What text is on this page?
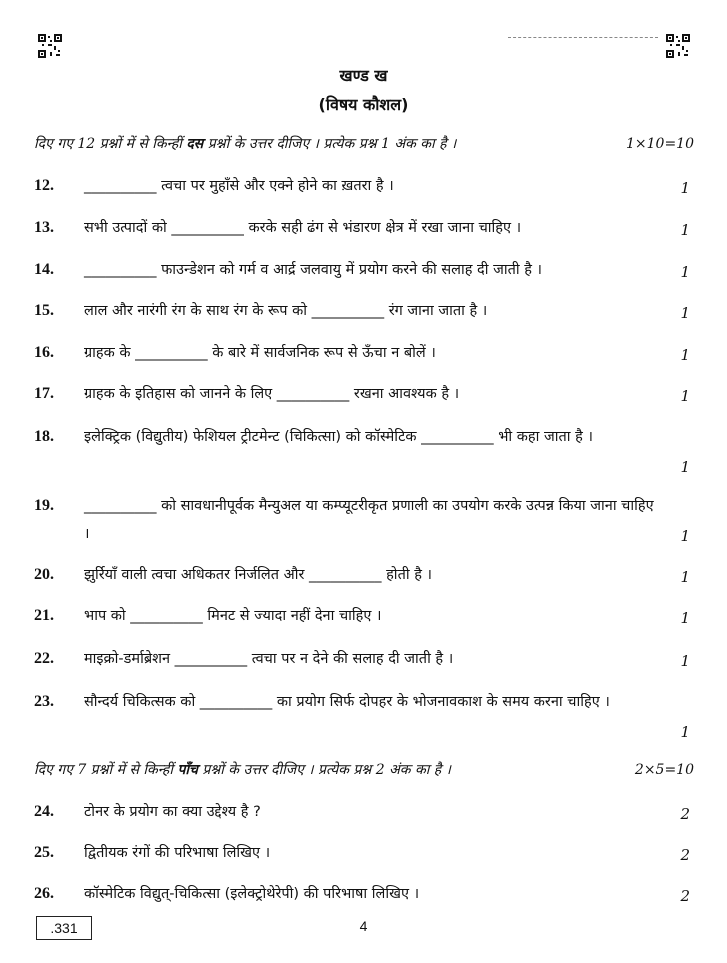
खण्ड ख
(विषय कौशल)
दिए गए 12 प्रश्नों में से किन्हीं दस प्रश्नों के उत्तर दीजिए । प्रत्येक प्रश्न 1 अंक का है ।	1×10=10
12. __________ त्वचा पर मुहाँसे और एक्ने होने का ख़तरा है ।	1
13. सभी उत्पादों को __________ करके सही ढंग से भंडारण क्षेत्र में रखा जाना चाहिए ।	1
14. __________ फाउन्डेशन को गर्म व आर्द्र जलवायु में प्रयोग करने की सलाह दी जाती है ।	1
15. लाल और नारंगी रंग के साथ रंग के रूप को __________ रंग जाना जाता है ।	1
16. ग्राहक के __________ के बारे में सार्वजनिक रूप से ऊँचा न बोलें ।	1
17. ग्राहक के इतिहास को जानने के लिए __________ रखना आवश्यक है ।	1
18. इलेक्ट्रिक (विद्युतीय) फेशियल ट्रीटमेन्ट (चिकित्सा) को कॉस्मेटिक __________ भी कहा जाता है ।
1
19. __________ को सावधानीपूर्वक मैन्युअल या कम्प्यूटरीकृत प्रणाली का उपयोग करके उत्पन्न किया जाना चाहिए ।	1
20. झुर्रियाँ वाली त्वचा अधिकतर निर्जलित और __________ होती है ।	1
21. भाप को __________ मिनट से ज्यादा नहीं देना चाहिए ।	1
22. माइक्रो-डर्माब्रेशन __________ त्वचा पर न देने की सलाह दी जाती है ।	1
23. सौन्दर्य चिकित्सक को __________ का प्रयोग सिर्फ दोपहर के भोजनावकाश के समय करना चाहिए ।
1
दिए गए 7 प्रश्नों में से किन्हीं पाँच प्रश्नों के उत्तर दीजिए । प्रत्येक प्रश्न 2 अंक का है ।	2×5=10
24. टोनर के प्रयोग का क्या उद्देश्य है ?	2
25. द्वितीयक रंगों की परिभाषा लिखिए ।	2
26. कॉस्मेटिक विद्युत्-चिकित्सा (इलेक्ट्रोथेरेपी) की परिभाषा लिखिए ।	2
.331	4
